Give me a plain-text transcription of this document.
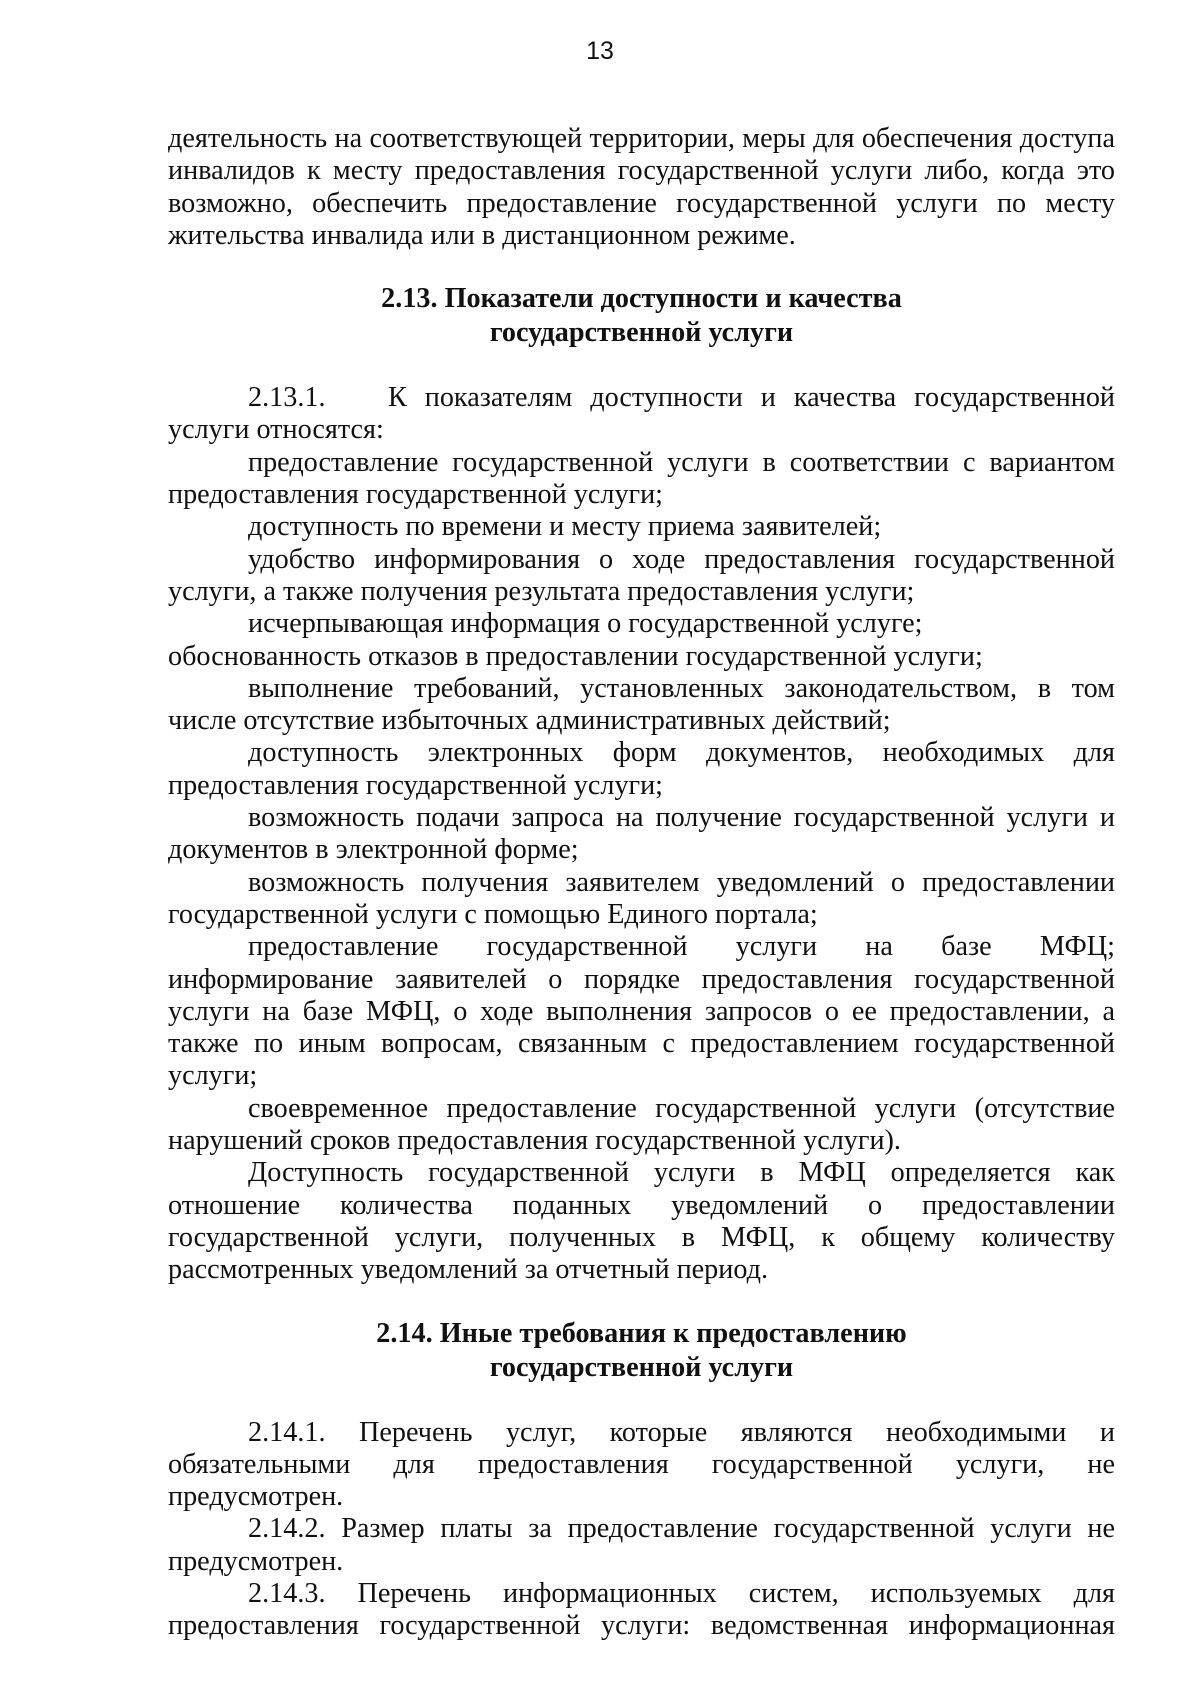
13

деятельность на соответствующей территории, меры для обеспечения доступа инвалидов к месту предоставления государственной услуги либо, когда это возможно, обеспечить предоставление государственной услуги по месту жительства инвалида или в дистанционном режиме.

2.13. Показатели доступности и качества
государственной услуги

2.13.1. К показателям доступности и качества государственной услуги относятся:

предоставление государственной услуги в соответствии с вариантом предоставления государственной услуги;

доступность по времени и месту приема заявителей;

удобство информирования о ходе предоставления государственной услуги, а также получения результата предоставления услуги;

исчерпывающая информация о государственной услуге;

обоснованность отказов в предоставлении государственной услуги;

выполнение требований, установленных законодательством, в том числе отсутствие избыточных административных действий;

доступность электронных форм документов, необходимых для предоставления государственной услуги;

возможность подачи запроса на получение государственной услуги и документов в электронной форме;

возможность получения заявителем уведомлений о предоставлении государственной услуги с помощью Единого портала;

предоставление государственной услуги на базе МФЦ;

информирование заявителей о порядке предоставления государственной услуги на базе МФЦ, о ходе выполнения запросов о ее предоставлении, а также по иным вопросам, связанным с предоставлением государственной услуги;

своевременное предоставление государственной услуги (отсутствие нарушений сроков предоставления государственной услуги).

Доступность государственной услуги в МФЦ определяется как отношение количества поданных уведомлений о предоставлении государственной услуги, полученных в МФЦ, к общему количеству рассмотренных уведомлений за отчетный период.

2.14. Иные требования к предоставлению
государственной услуги

2.14.1. Перечень услуг, которые являются необходимыми и обязательными для предоставления государственной услуги, не предусмотрен.

2.14.2. Размер платы за предоставление государственной услуги не предусмотрен.

2.14.3. Перечень информационных систем, используемых для предоставления государственной услуги: ведомственная информационная
